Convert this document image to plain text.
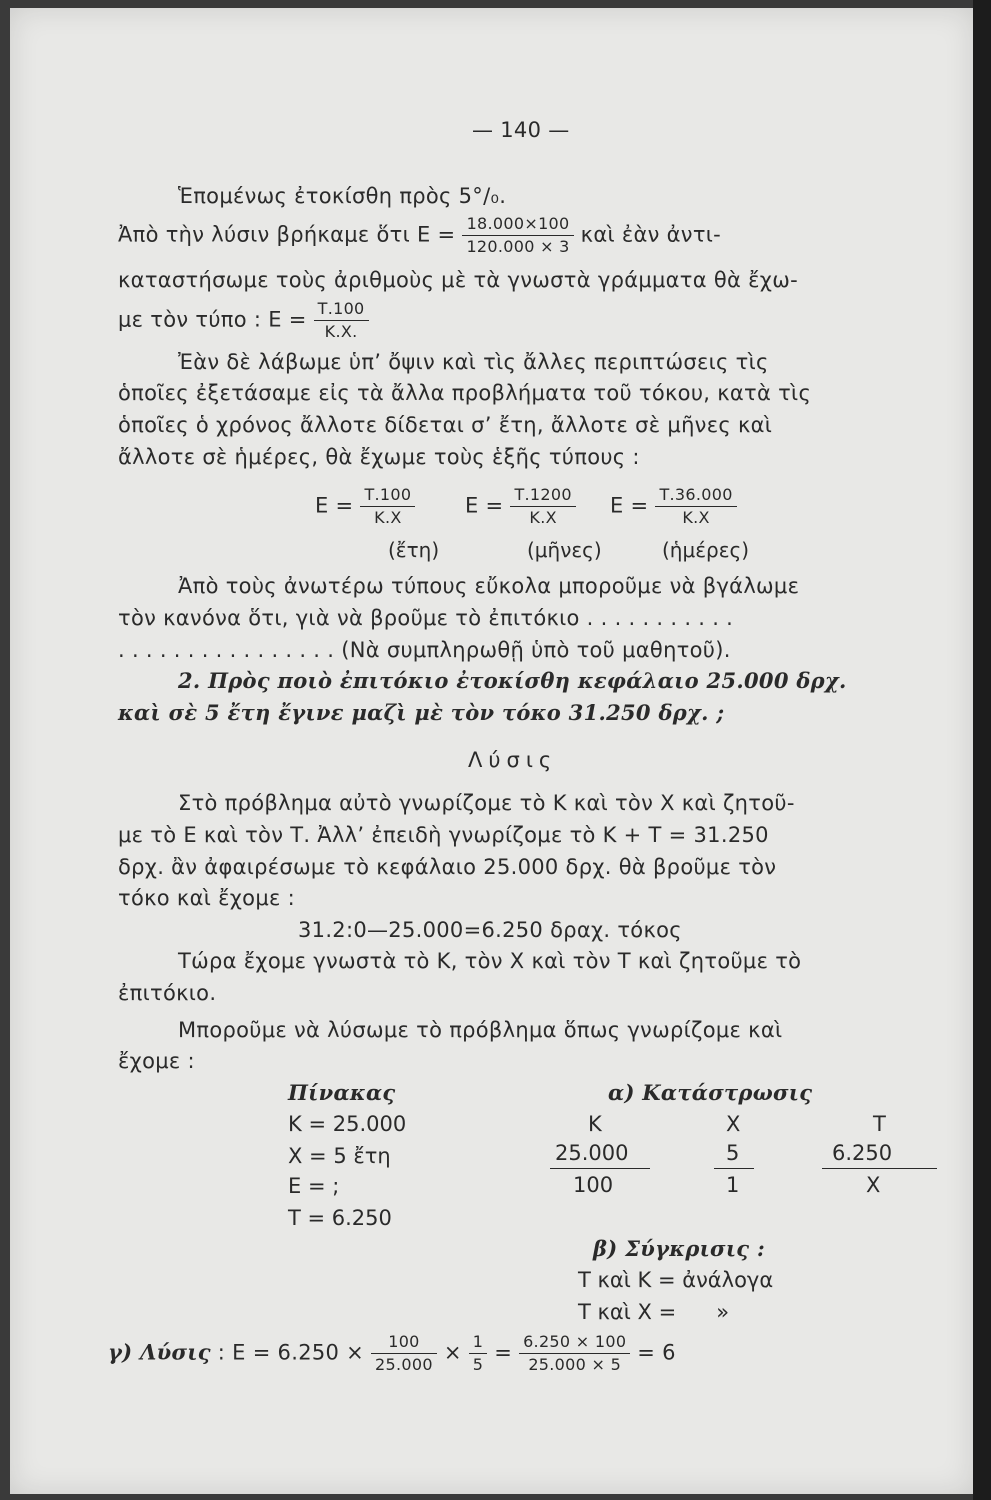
— 140 —
Ἑπομένως ἐτοκίσθη πρὸς 5°/₀.
Ἀπὸ τὴν λύσιν βρήκαμε ὅτι $E = \frac{18.000\times 100}{120.000 \times 3}$ καὶ ἐὰν ἀντι-
καταστήσωμε τοὺς ἀριθμοὺς μὲ τὰ γνωστὰ γράμματα θὰ ἔχω-
με τὸν τύπο : $E = \frac{T.100}{K.X.}$
Ἐὰν δὲ λάβωμε ὑπ’ ὄψιν καὶ τὶς ἄλλες περιπτώσεις τὶς
ὁποῖες ἐξετάσαμε εἰς τὰ ἄλλα προβλήματα τοῦ τόκου, κατὰ τὶς
ὁποῖες ὁ χρόνος ἄλλοτε δίδεται σ’ ἔτη, ἄλλοτε σὲ μῆνες καὶ
ἄλλοτε σὲ ἡμέρες, θὰ ἔχωμε τοὺς ἑξῆς τύπους :
$E = \frac{T.100}{K.X}$ $E = \frac{T.1200}{K.X}$ $E = \frac{T.36.000}{K.X}$
(ἔτη)	(μῆνες)	(ἡμέρες)
Ἀπὸ τοὺς ἀνωτέρω τύπους εὔκολα μποροῦμε νὰ βγάλωμε
τὸν κανόνα ὅτι, γιὰ νὰ βροῦμε τὸ ἐπιτόκιο . . . . . . . . . . .
. . . . . . . . . . . . . . . . (Νὰ συμπληρωθῇ ὑπὸ τοῦ μαθητοῦ).
2. Πρὸς ποιὸ ἐπιτόκιο ἐτοκίσθη κεφάλαιο 25.000 δρχ.
καὶ σὲ 5 ἔτη ἔγινε μαζὶ μὲ τὸν τόκο 31.250 δρχ. ;
Λύσις
Στὸ πρόβλημα αὐτὸ γνωρίζομε τὸ Κ καὶ τὸν Χ καὶ ζητοῦ-
με τὸ Ε καὶ τὸν Τ. Ἀλλ’ ἐπειδὴ γνωρίζομε τὸ Κ + Τ = 31.250
δρχ. ἂν ἀφαιρέσωμε τὸ κεφάλαιο 25.000 δρχ. θὰ βροῦμε τὸν
τόκο καὶ ἔχομε :
31.2:0—25.000=6.250 δραχ. τόκος
Τώρα ἔχομε γνωστὰ τὸ Κ, τὸν Χ καὶ τὸν Τ καὶ ζητοῦμε τὸ
ἐπιτόκιο.
Μποροῦμε νὰ λύσωμε τὸ πρόβλημα ὅπως γνωρίζομε καὶ
ἔχομε :
Πίνακας
Κ = 25.000
Χ = 5 ἔτη
Ε = ;
Τ = 6.250
α) Κατάστρωσις
Κ	Χ	Τ
25.000	5	6.250
100	1	Χ
β) Σύγκρισις :
Τ καὶ Κ = ἀνάλογα
Τ καὶ Χ =      »
γ) Λύσις : $E = 6.250 \times \frac{100}{25.000} \times \frac{1}{5} = \frac{6.250 \times 100}{25.000 \times 5} = 6$
